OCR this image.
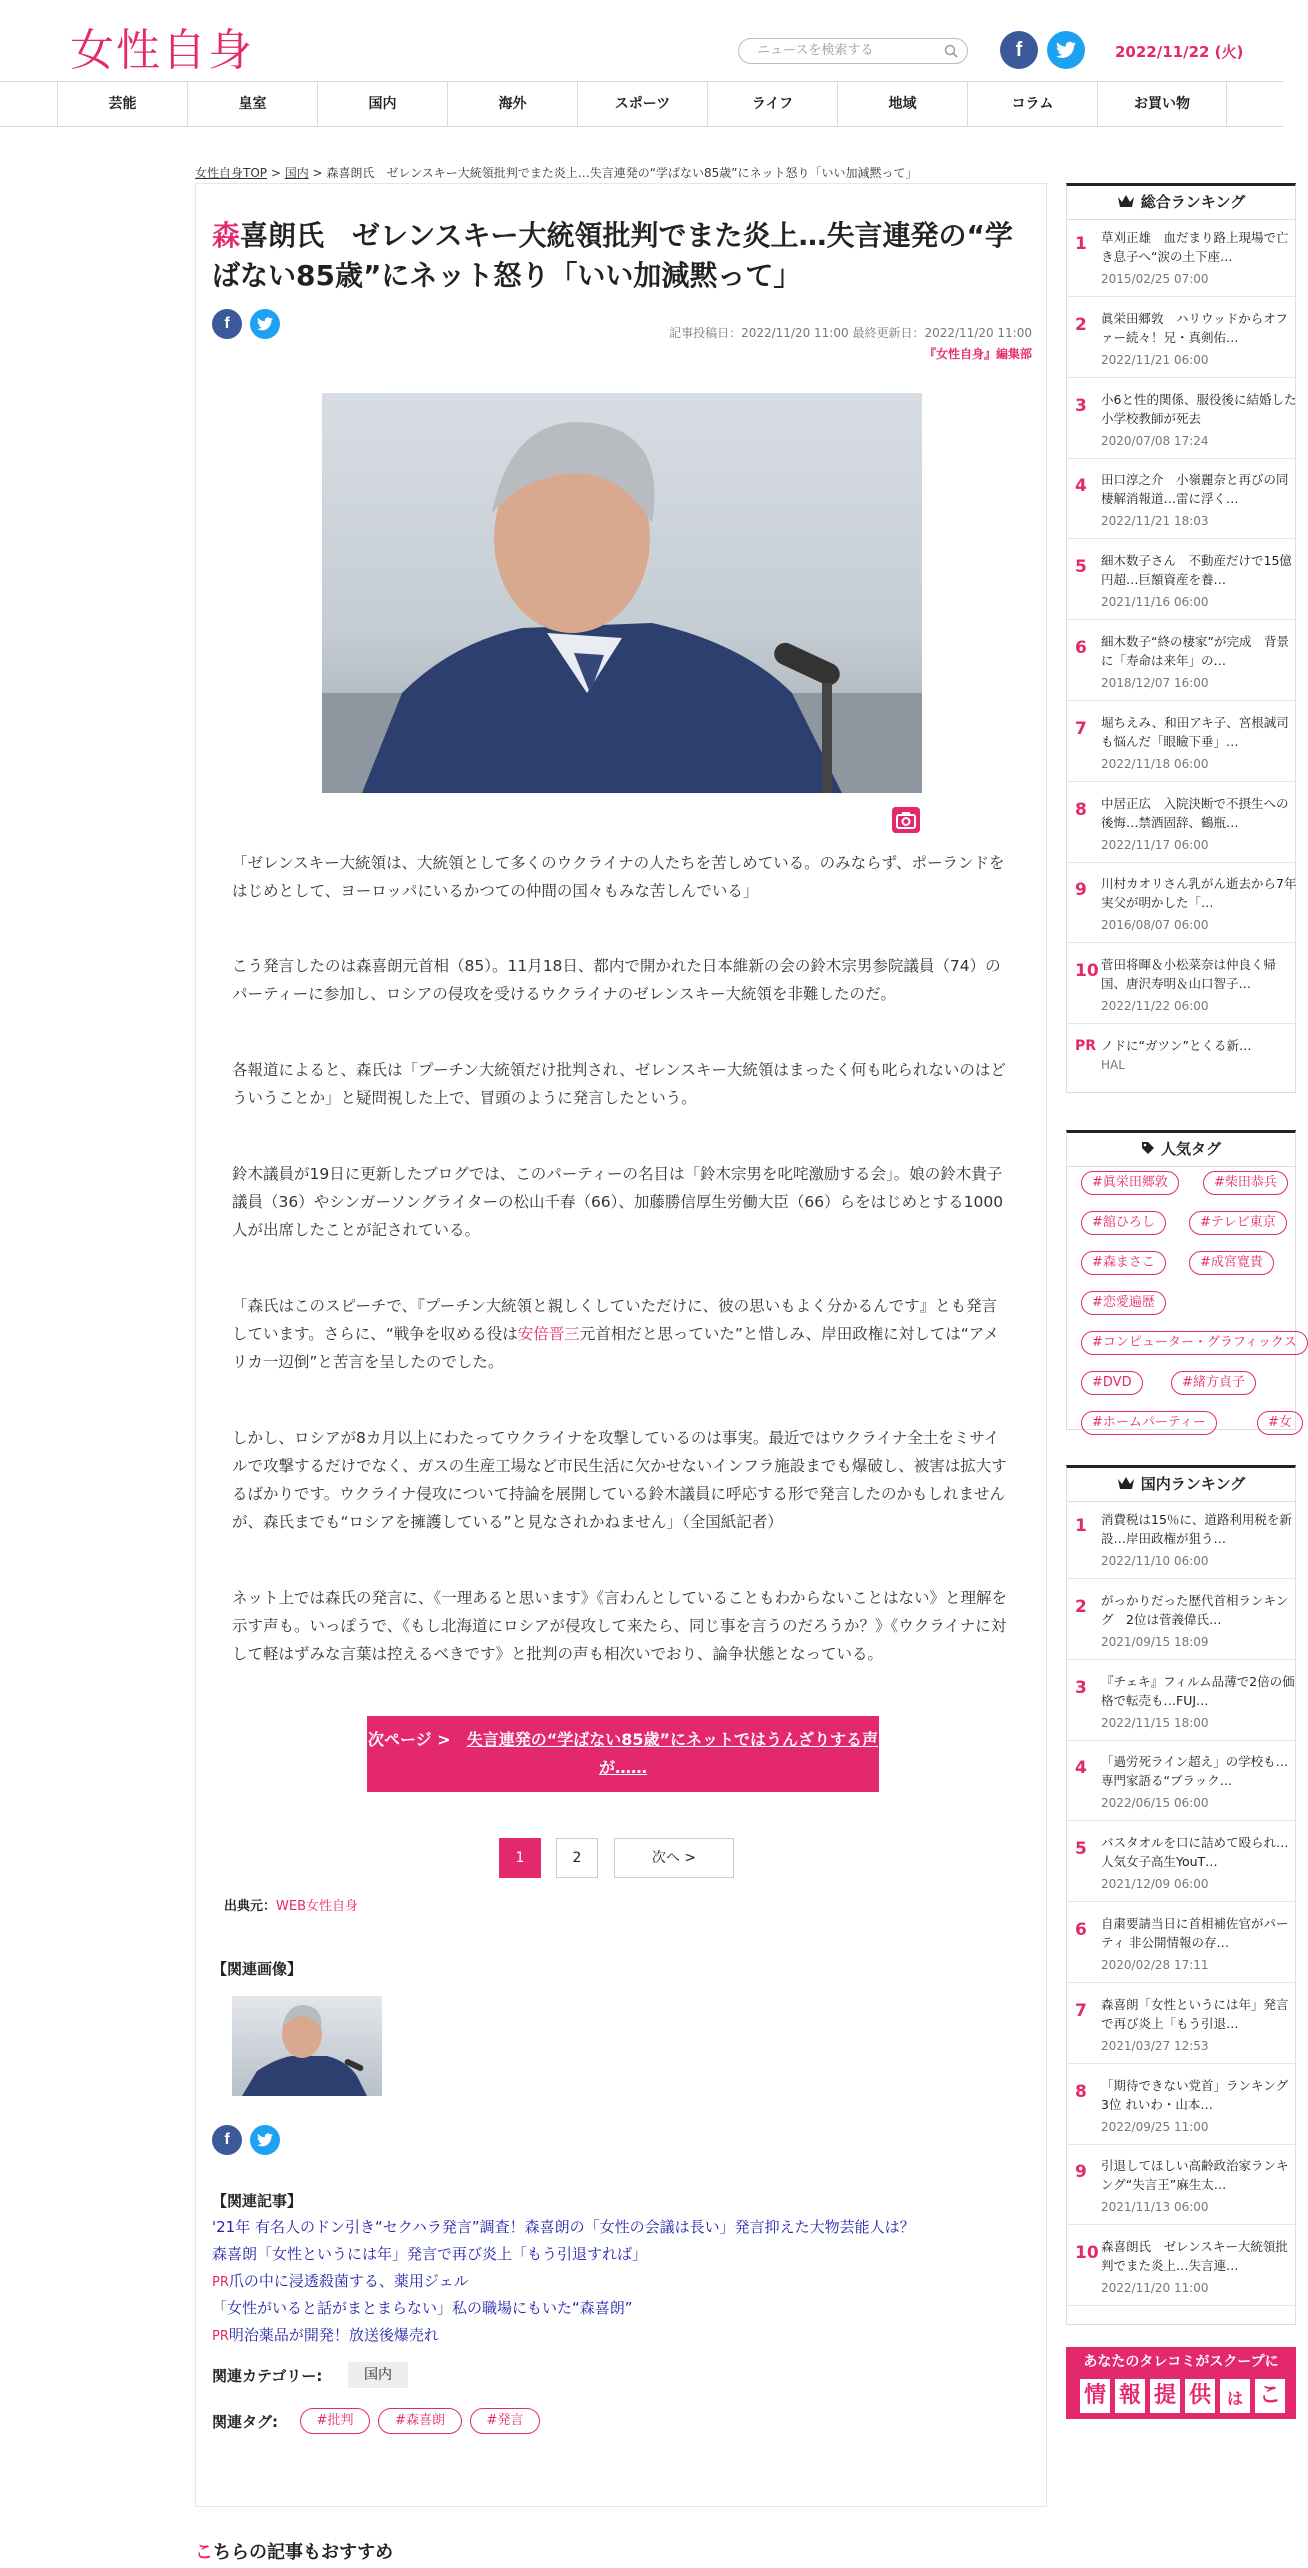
女性自身	ニュースを検索する	f	2022/11/22 (火)
芸能	皇室	国内	海外	スポーツ	ライフ	地域	コラム	お買い物
女性自身TOP > 国内 > 森喜朗氏　ゼレンスキー大統領批判でまた炎上…失言連発の“学ばない85歳”にネット怒り「いい加減黙って」
森喜朗氏　ゼレンスキー大統領批判でまた炎上…失言連発の“学ばない85歳”にネット怒り「いい加減黙って」
f
記事投稿日：2022/11/20 11:00 最終更新日：2022/11/20 11:00
『女性自身』編集部

「ゼレンスキー大統領は、大統領として多くのウクライナの人たちを苦しめている。のみならず、ポーランドをはじめとして、ヨーロッパにいるかつての仲間の国々もみな苦しんでいる」

こう発言したのは森喜朗元首相（85）。11月18日、都内で開かれた日本維新の会の鈴木宗男参院議員（74）のパーティーに参加し、ロシアの侵攻を受けるウクライナのゼレンスキー大統領を非難したのだ。

各報道によると、森氏は「プーチン大統領だけ批判され、ゼレンスキー大統領はまったく何も叱られないのはどういうことか」と疑問視した上で、冒頭のように発言したという。

鈴木議員が19日に更新したブログでは、このパーティーの名目は「鈴木宗男を叱咤激励する会」。娘の鈴木貴子議員（36）やシンガーソングライターの松山千春（66）、加藤勝信厚生労働大臣（66）らをはじめとする1000人が出席したことが記されている。

「森氏はこのスピーチで、『プーチン大統領と親しくしていただけに、彼の思いもよく分かるんです』とも発言しています。さらに、“戦争を収める役は安倍晋三元首相だと思っていた”と惜しみ、岸田政権に対しては“アメリカ一辺倒”と苦言を呈したのでした。

しかし、ロシアが8カ月以上にわたってウクライナを攻撃しているのは事実。最近ではウクライナ全土をミサイルで攻撃するだけでなく、ガスの生産工場など市民生活に欠かせないインフラ施設までも爆破し、被害は拡大するばかりです。ウクライナ侵攻について持論を展開している鈴木議員に呼応する形で発言したのかもしれませんが、森氏までも“ロシアを擁護している”と見なされかねません」（全国紙記者）

ネット上では森氏の発言に、《一理あると思います》《言わんとしていることもわからないことはない》と理解を示す声も。いっぽうで、《もし北海道にロシアが侵攻して来たら、同じ事を言うのだろうか？》《ウクライナに対して軽はずみな言葉は控えるべきです》と批判の声も相次いでおり、論争状態となっている。

次ページ >　 失言連発の“学ばない85歳”にネットではうんざりする声が……
1	2	次へ >
出典元：WEB女性自身
【関連画像】
f
【関連記事】
'21年 有名人のドン引き“セクハラ発言”調査！森喜朗の「女性の会議は長い」発言抑えた大物芸能人は？
森喜朗「女性というには年」発言で再び炎上「もう引退すれば」
PR爪の中に浸透殺菌する、薬用ジェル
「女性がいると話がまとまらない」私の職場にもいた“森喜朗”
PR明治薬品が開発！放送後爆売れ
関連カテゴリー:	国内
関連タグ:	#批判	#森喜朗	#発言
こちらの記事もおすすめ
総合ランキング
1 草刈正雄　血だまり路上現場で亡き息子へ“涙の土下座…
2015/02/25 07:00
2 眞栄田郷敦　ハリウッドからオファー続々！兄・真剣佑…
2022/11/21 06:00
3 小6と性的関係、服役後に結婚した小学校教師が死去
2020/07/08 17:24
4 田口淳之介　小嶺麗奈と再びの同棲解消報道…雷に浮く…
2022/11/21 18:03
5 細木数子さん　不動産だけで15億円超…巨額資産を養…
2021/11/16 06:00
6 細木数子“終の棲家”が完成　背景に「寿命は来年」の…
2018/12/07 16:00
7 堀ちえみ、和田アキ子、宮根誠司も悩んだ「眼瞼下垂」…
2022/11/18 06:00
8 中居正広　入院決断で不摂生への後悔…禁酒固辞、鶴瓶…
2022/11/17 06:00
9 川村カオリさん乳がん逝去から7年 実父が明かした「…
2016/08/07 06:00
10 菅田将暉＆小松菜奈は仲良く帰国、唐沢寿明＆山口智子…
2022/11/22 06:00
PR ノドに“ガツン”とくる新…
HAL
人気タグ
#眞栄田郷敦	#柴田恭兵
#舘ひろし	#テレビ東京
#森まさこ	#成宮寛貴
#恋愛遍歴
#コンピューター・グラフィックス
#DVD	#緒方貞子
#ホームパーティー	#女
国内ランキング
1 消費税は15％に、道路利用税を新設…岸田政権が狙う…
2022/11/10 06:00
2 がっかりだった歴代首相ランキング　2位は菅義偉氏…
2021/09/15 18:09
3 『チェキ』フィルム品薄で2倍の価格で転売も…FUJ…
2022/11/15 18:00
4 「過労死ライン超え」の学校も…専門家語る“ブラック…
2022/06/15 06:00
5 バスタオルを口に詰めて殴られ…人気女子高生YouT…
2021/12/09 06:00
6 自粛要請当日に首相補佐官がパーティ 非公開情報の存…
2020/02/28 17:11
7 森喜朗「女性というには年」発言で再び炎上「もう引退…
2021/03/27 12:53
8 「期待できない党首」ランキング　3位 れいわ・山本…
2022/09/25 11:00
9 引退してほしい高齢政治家ランキング“失言王”麻生太…
2021/11/13 06:00
10 森喜朗氏　ゼレンスキー大統領批判でまた炎上…失言連…
2022/11/20 11:00
あなたのタレコミがスクープに
情 報 提 供 は こ
